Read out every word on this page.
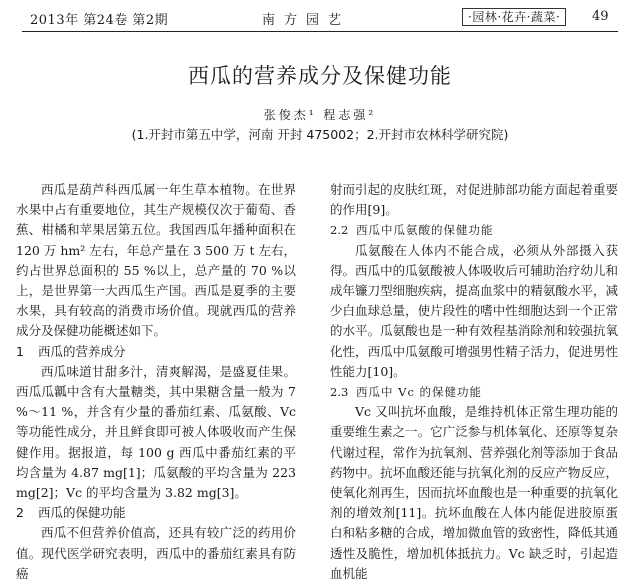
2013年 第24卷 第2期	南方园艺	·园林·花卉·蔬菜·	49
西瓜的营养成分及保健功能
张俊杰¹ 程志强²
(1.开封市第五中学，河南 开封 475002；2.开封市农林科学研究院)

西瓜是葫芦科西瓜属一年生草本植物。在世界水果中占有重要地位，其生产规模仅次于葡萄、香蕉、柑橘和苹果居第五位。我国西瓜年播种面积在 120 万 hm² 左右，年总产量在 3 500 万 t 左右，约占世界总面积的 55 %以上，总产量的 70 %以上，是世界第一大西瓜生产国。西瓜是夏季的主要水果，具有较高的消费市场价值。现就西瓜的营养成分及保健功能概述如下。

1 西瓜的营养成分

西瓜味道甘甜多汁，清爽解渴，是盛夏佳果。西瓜瓜瓤中含有大量糖类，其中果糖含量一般为 7 %～11 %，并含有少量的番茄红素、瓜氨酸、Vc 等功能性成分，并且鲜食即可被人体吸收而产生保健作用。据报道，每 100 g 西瓜中番茄红素的平均含量为 4.87 mg[1]；瓜氨酸的平均含量为 223 mg[2]；Vc 的平均含量为 3.82 mg[3]。

2 西瓜的保健功能

西瓜不但营养价值高，还具有较广泛的药用价值。现代医学研究表明，西瓜中的番茄红素具有防癌

射而引起的皮肤红斑，对促进肺部功能方面起着重要的作用[9]。

2.2 西瓜中瓜氨酸的保健功能

瓜氨酸在人体内不能合成，必须从外部摄入获得。西瓜中的瓜氨酸被人体吸收后可辅助治疗幼儿和成年镰刀型细胞疾病，提高血浆中的精氨酸水平，减少白血球总量，使片段性的嗜中性细胞达到一个正常的水平。瓜氨酸也是一种有效程基消除剂和较强抗氧化性，西瓜中瓜氨酸可增强男性精子活力，促进男性性能力[10]。

2.3 西瓜中 Vc 的保健功能

Vc 又叫抗坏血酸，是维持机体正常生理功能的重要维生素之一。它广泛参与机体氧化、还原等复杂代谢过程，常作为抗氧剂、营养强化剂等添加于食品药物中。抗坏血酸还能与抗氧化剂的反应产物反应，使氧化剂再生，因而抗坏血酸也是一种重要的抗氧化剂的增效剂[11]。抗坏血酸在人体内能促进胶原蛋白和粘多糖的合成，增加微血管的致密性，降低其通透性及脆性，增加机体抵抗力。Vc 缺乏时，引起造血机能
